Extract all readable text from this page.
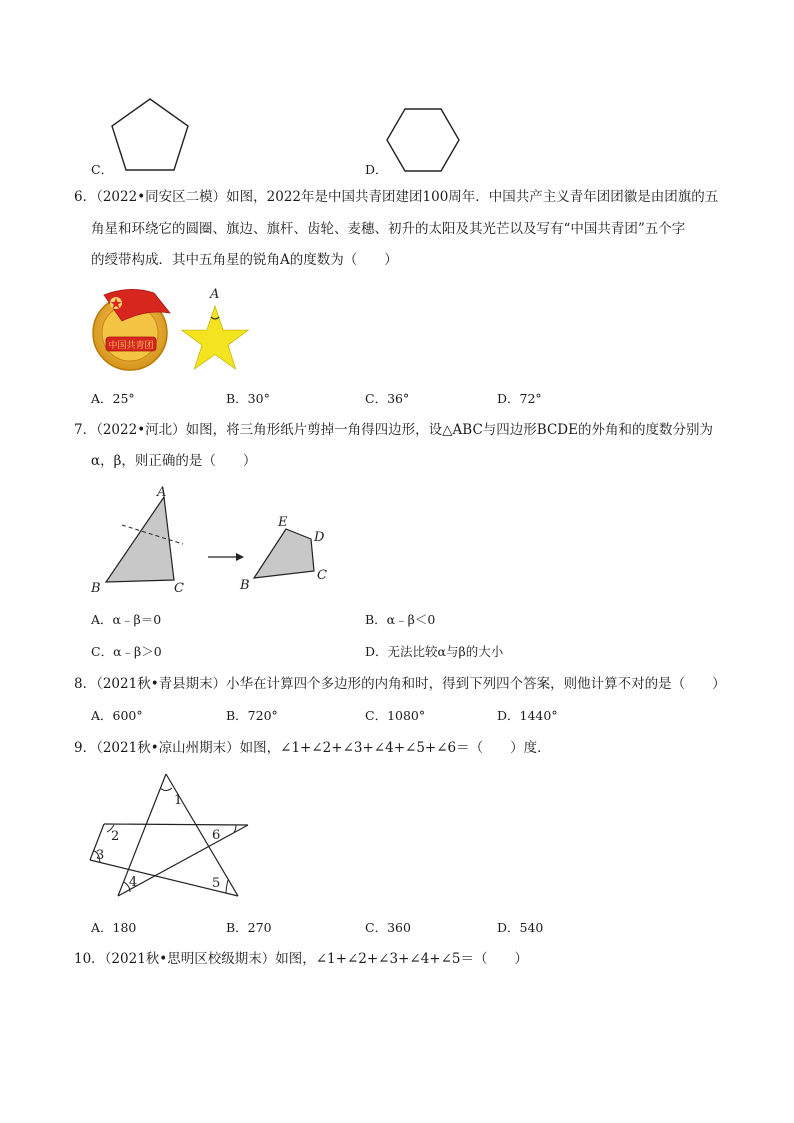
C．	D．
6．（2022•同安区二模）如图，2022年是中国共青团建团100周年．中国共产主义青年团团徽是由团旗的五
角星和环绕它的圆圈、旗边、旗杆、齿轮、麦穗、初升的太阳及其光芒以及写有“中国共青团”五个字
的绶带构成．其中五角星的锐角A的度数为（　　）
中国共青团
A
A．25°	B．30°	C．36°	D．72°
7．（2022•河北）如图，将三角形纸片剪掉一角得四边形，设△ABC与四边形BCDE的外角和的度数分别为
α，β，则正确的是（　　）
A
B	C
E
D
C
B
A．α﹣β＝0	B．α﹣β＜0
C．α﹣β＞0	D．无法比较α与β的大小
8．（2021秋•青县期末）小华在计算四个多边形的内角和时，得到下列四个答案，则他计算不对的是（　　）
A．600°	B．720°	C．1080°	D．1440°
9．（2021秋•凉山州期末）如图，∠1+∠2+∠3+∠4+∠5+∠6＝（　　）度．
1
2
3
4	5
6
A．180	B．270	C．360	D．540
10．（2021秋•思明区校级期末）如图，∠1+∠2+∠3+∠4+∠5＝（　　）
